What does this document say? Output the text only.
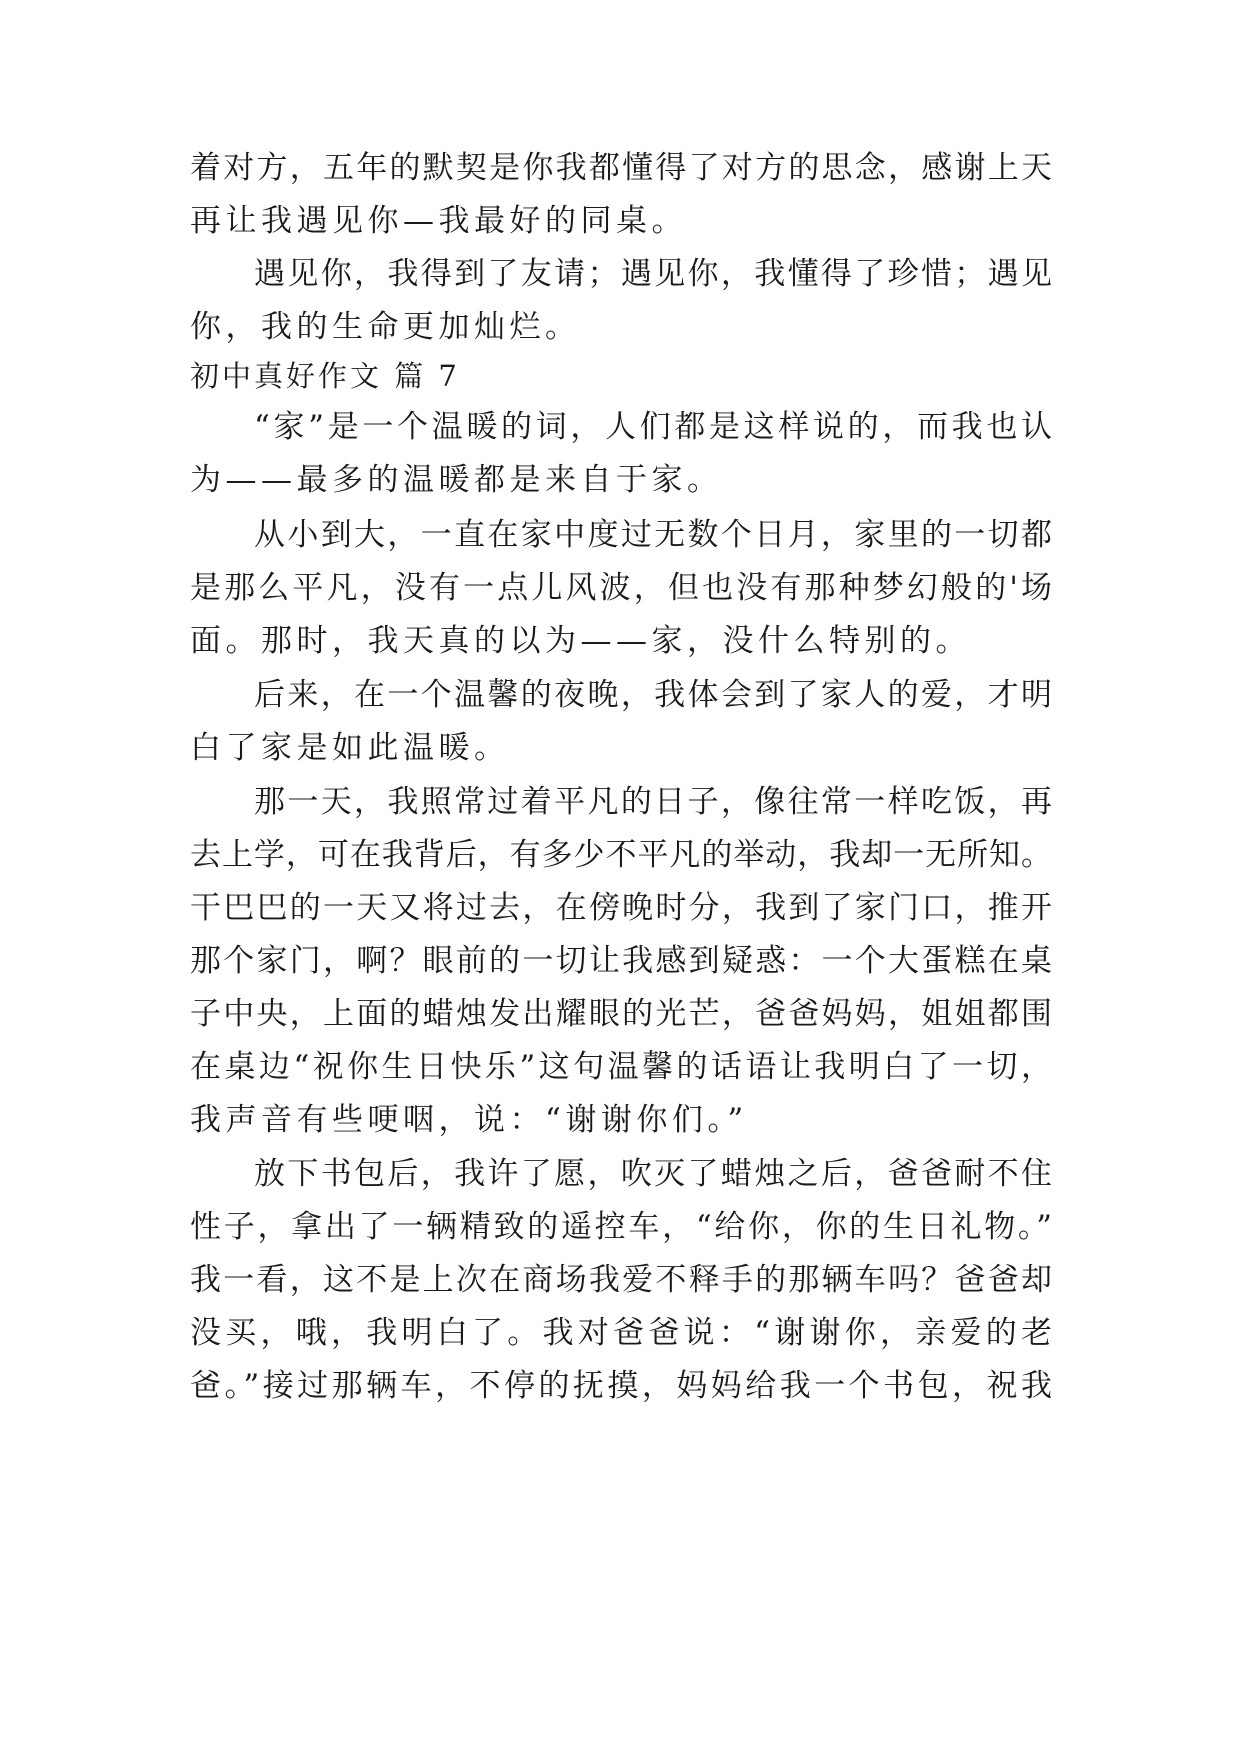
着对方，五年的默契是你我都懂得了对方的思念，感谢上天
再让我遇见你—我最好的同桌。
遇见你，我得到了友请；遇见你，我懂得了珍惜；遇见
你，我的生命更加灿烂。
初中真好作文 篇 7
“家”是一个温暖的词，人们都是这样说的，而我也认
为——最多的温暖都是来自于家。
从小到大，一直在家中度过无数个日月，家里的一切都
是那么平凡，没有一点儿风波，但也没有那种梦幻般的'场
面。那时，我天真的以为——家，没什么特别的。
后来，在一个温馨的夜晚，我体会到了家人的爱，才明
白了家是如此温暖。
那一天，我照常过着平凡的日子，像往常一样吃饭，再
去上学，可在我背后，有多少不平凡的举动，我却一无所知。
干巴巴的一天又将过去，在傍晚时分，我到了家门口，推开
那个家门，啊？眼前的一切让我感到疑惑：一个大蛋糕在桌
子中央，上面的蜡烛发出耀眼的光芒，爸爸妈妈，姐姐都围
在桌边“祝你生日快乐”这句温馨的话语让我明白了一切，
我声音有些哽咽，说：“谢谢你们。”
放下书包后，我许了愿，吹灭了蜡烛之后，爸爸耐不住
性子，拿出了一辆精致的遥控车，“给你，你的生日礼物。”
我一看，这不是上次在商场我爱不释手的那辆车吗？爸爸却
没买，哦，我明白了。我对爸爸说：“谢谢你，亲爱的老
爸。”接过那辆车，不停的抚摸，妈妈给我一个书包，祝我
